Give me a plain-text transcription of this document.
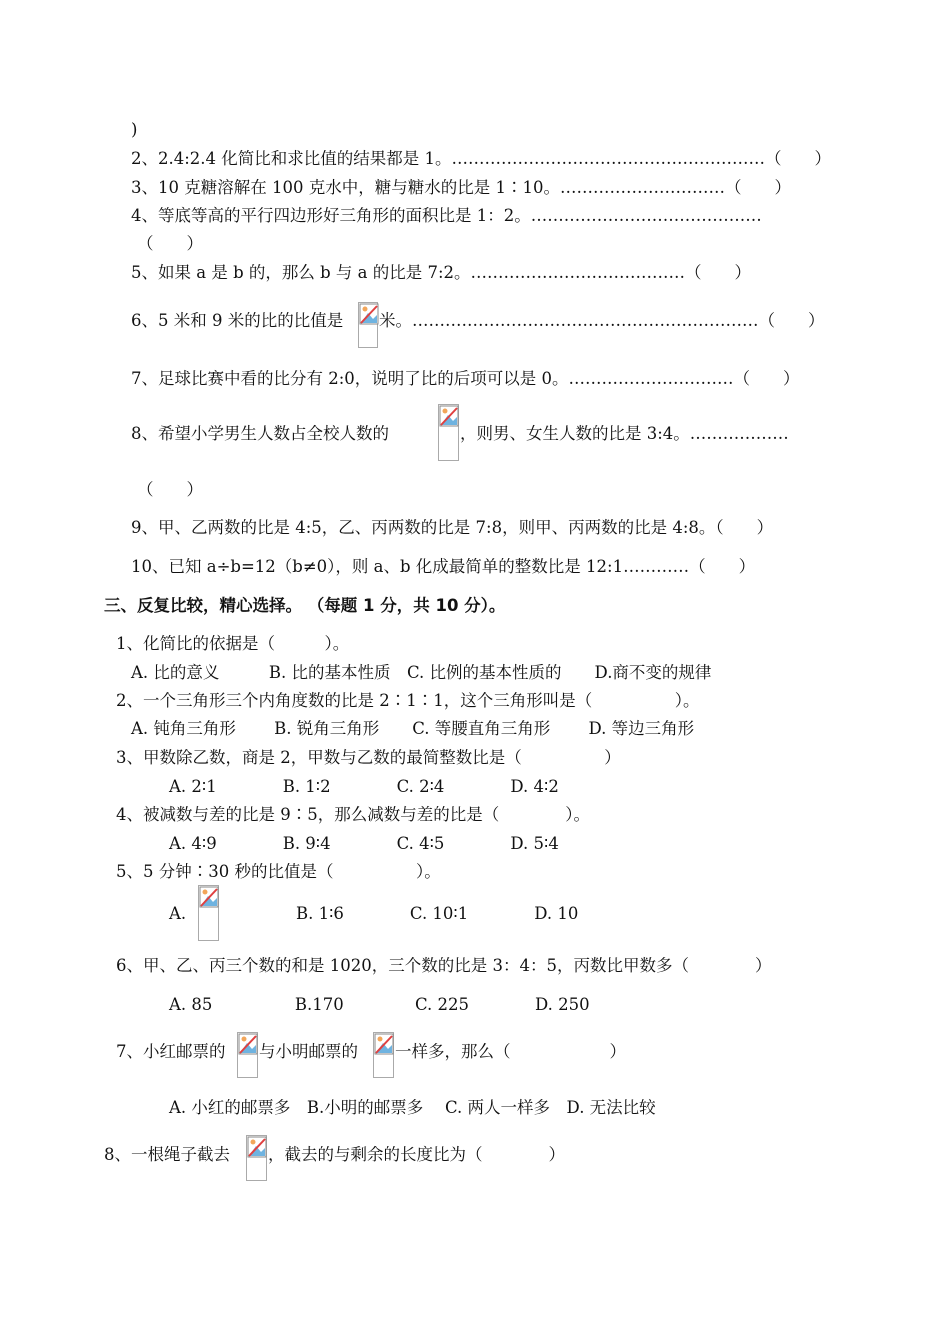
)
2、2.4:2.4 化简比和求比值的结果都是 1。…………………………………………………（　　）
3、10 克糖溶解在 100 克水中，糖与糖水的比是 1∶10。…………………………（　　）
4、等底等高的平行四边形好三角形的面积比是 1：2。……………………………………
（　　）
5、如果 a 是 b 的，那么 b 与 a 的比是 7:2。…………………………………（　　）
6、5 米和 9 米的比的比值是 米。………………………………………………………（　　）
7、足球比赛中看的比分有 2:0，说明了比的后项可以是 0。…………………………（　　）
8、希望小学男生人数占全校人数的	，则男、女生人数的比是 3:4。………………
（　　）
9、甲、乙两数的比是 4:5，乙、丙两数的比是 7:8，则甲、丙两数的比是 4:8。（　　）
10、已知 a÷b=12（b≠0），则 a、b 化成最简单的整数比是 12:1…………（　　）
三、反复比较，精心选择。 （每题 1 分，共 10 分）。
1、化简比的依据是（　　　）。
A. 比的意义　　　B. 比的基本性质　C. 比例的基本性质的　　D.商不变的规律
2、一个三角形三个内角度数的比是 2∶1∶1，这个三角形叫是（　　　　　）。
A. 钝角三角形　　 B. 锐角三角形　　C. 等腰直角三角形　　 D. 等边三角形
3、甲数除乙数，商是 2，甲数与乙数的最简整数比是（　　　　　）
A. 2∶1　　　　B. 1∶2　　　　C. 2∶4　　　　D. 4∶2
4、被减数与差的比是 9∶5，那么减数与差的比是（　　　　）。
A. 4∶9　　　　B. 9∶4　　　　C. 4∶5　　　　D. 5∶4
5、5 分钟∶30 秒的比值是（　　　　　）。
A.	B. 1∶6　　　　C. 10∶1　　　　D. 10
6、甲、乙、丙三个数的和是 1020，三个数的比是 3：4：5，丙数比甲数多（　　　　）
A. 85　　　　　B.170　　　　 C. 225　　　　D. 250
7、小红邮票的 与小明邮票的 一样多，那么（　　　　　　）
A. 小红的邮票多　B.小明的邮票多　 C. 两人一样多　D. 无法比较
8、一根绳子截去 ，截去的与剩余的长度比为（　　　　）
